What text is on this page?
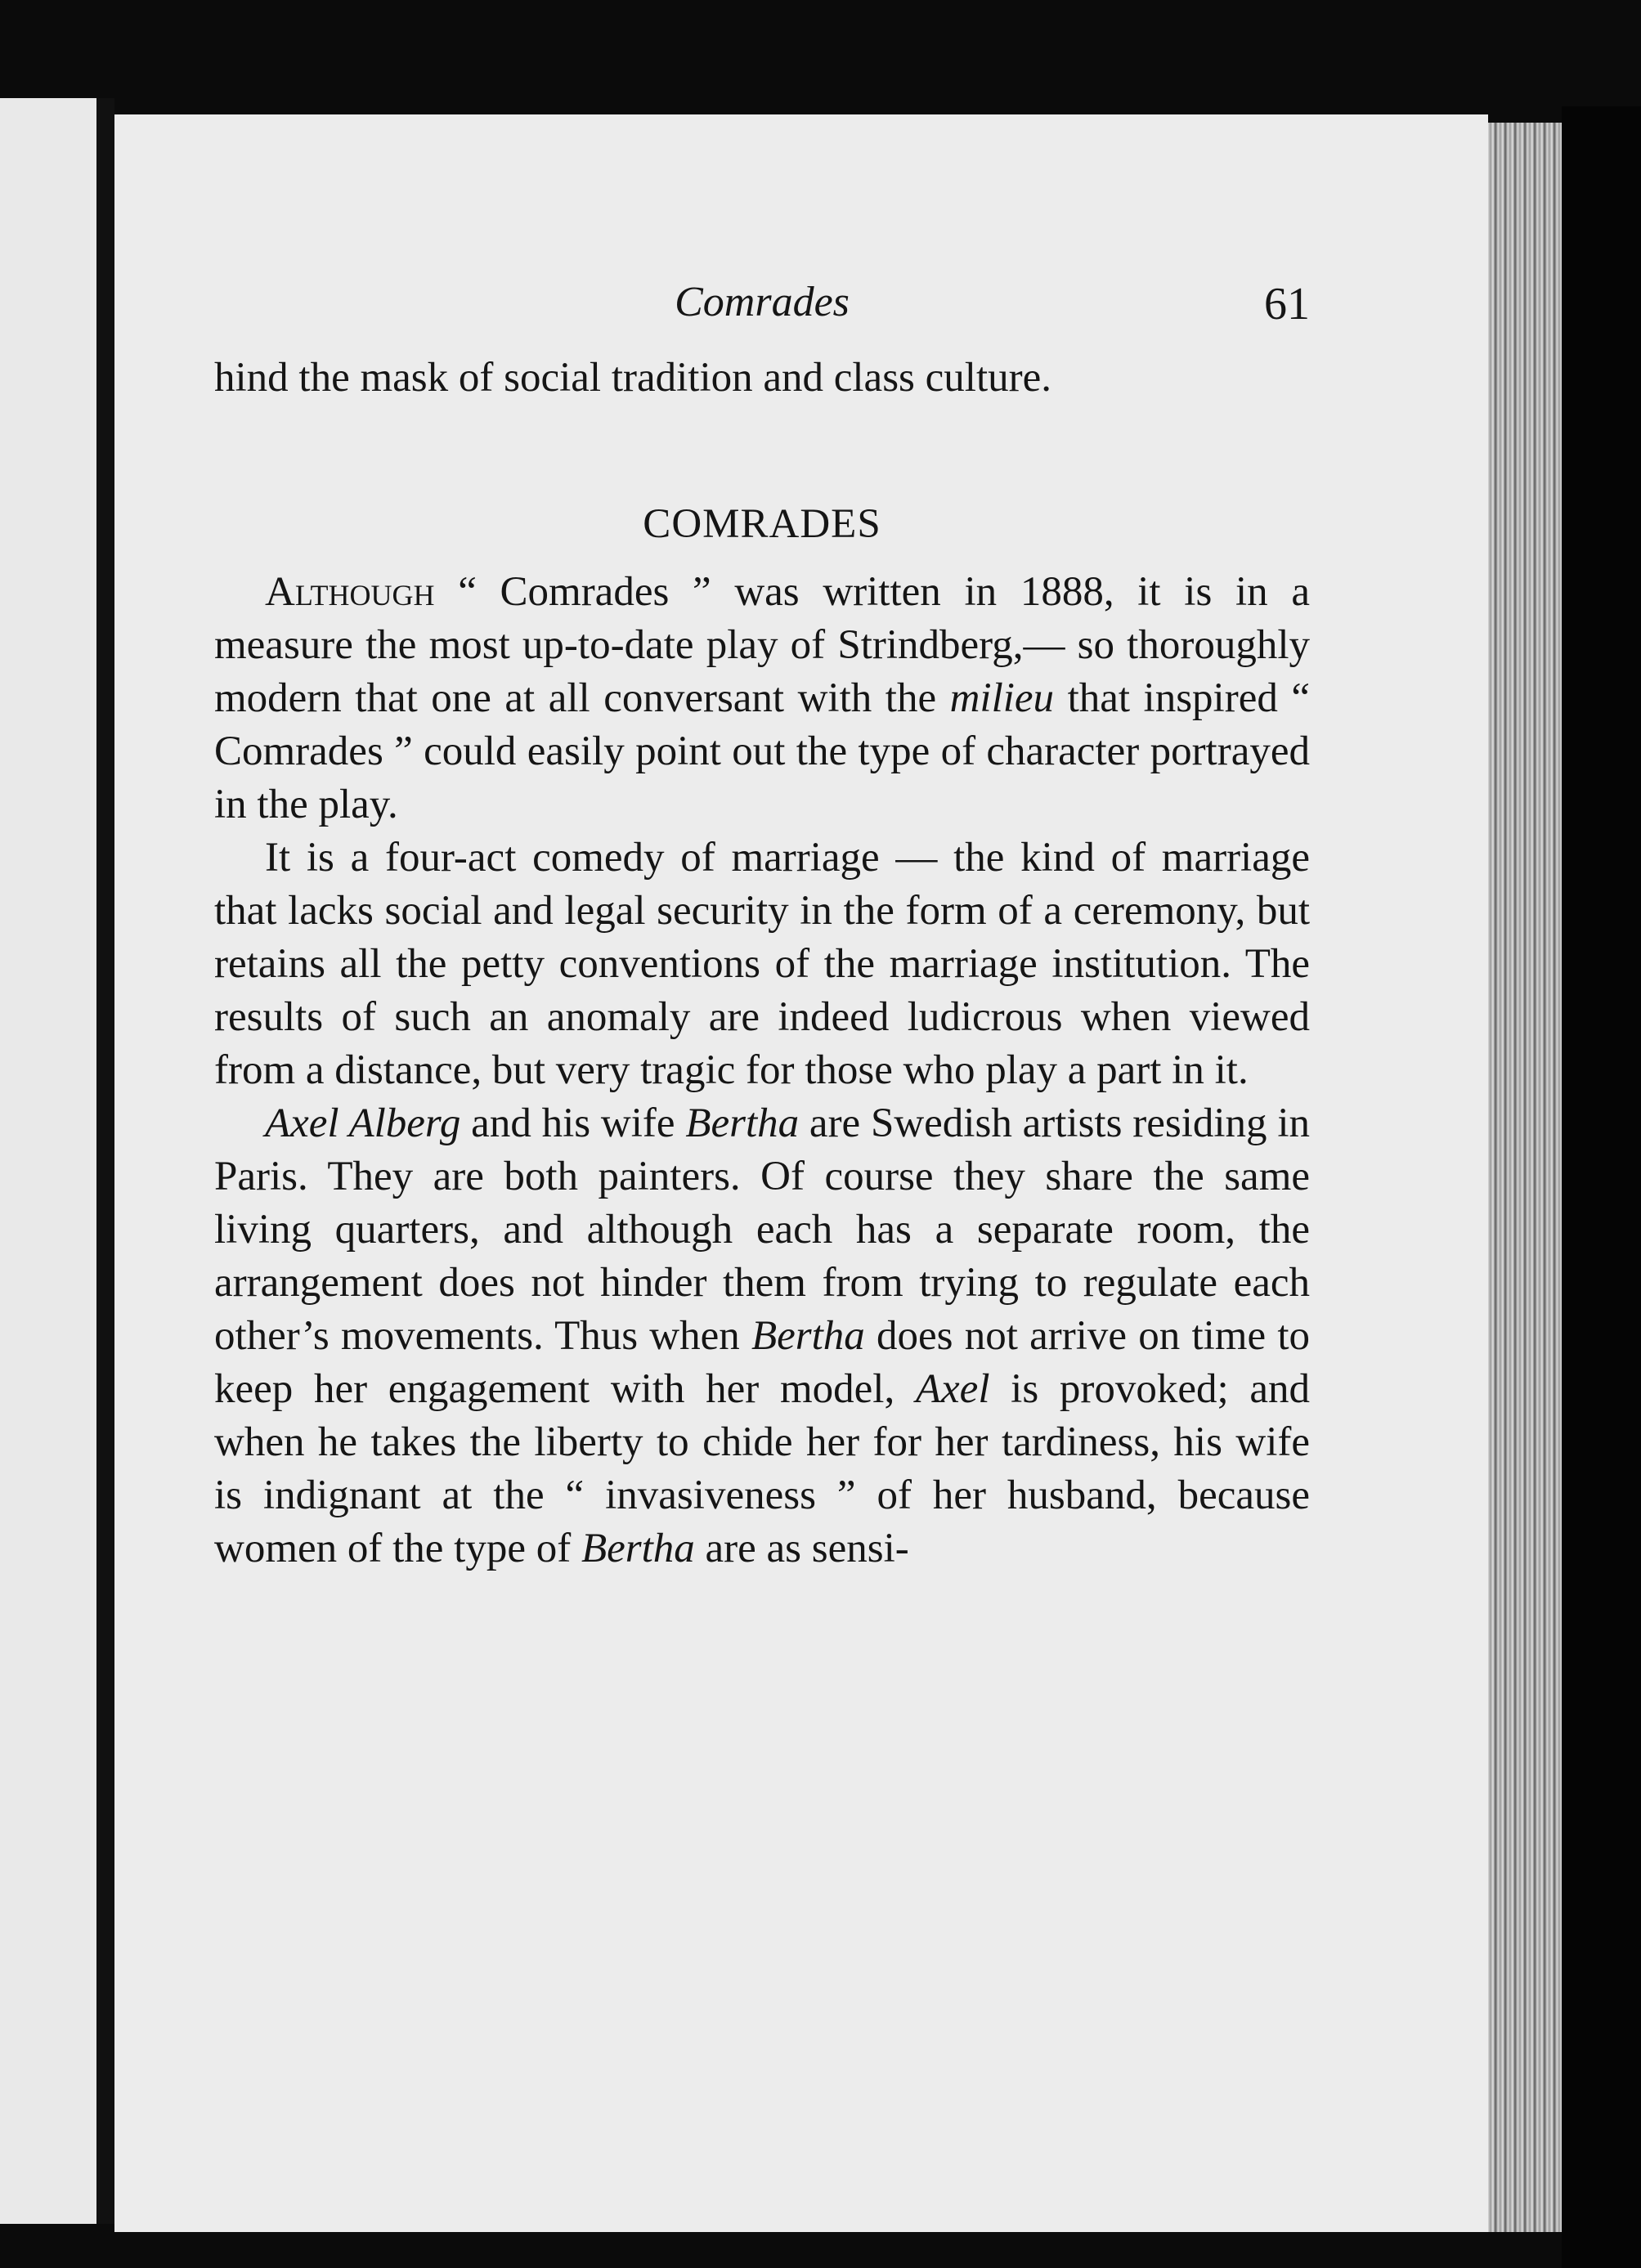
Comrades	61

hind the mask of social tradition and class culture.

COMRADES

Although “ Comrades ” was written in 1888, it is in a measure the most up-to-date play of Strindberg,— so thoroughly modern that one at all conversant with the milieu that inspired “ Comrades ” could easily point out the type of character portrayed in the play.

It is a four-act comedy of marriage — the kind of marriage that lacks social and legal security in the form of a ceremony, but retains all the petty conventions of the marriage institution. The results of such an anomaly are indeed ludicrous when viewed from a distance, but very tragic for those who play a part in it.

Axel Alberg and his wife Bertha are Swedish artists residing in Paris. They are both painters. Of course they share the same living quarters, and although each has a separate room, the arrangement does not hinder them from trying to regulate each other’s movements. Thus when Bertha does not arrive on time to keep her engagement with her model, Axel is provoked; and when he takes the liberty to chide her for her tardiness, his wife is indignant at the “ invasiveness ” of her husband, because women of the type of Bertha are as sensi-
